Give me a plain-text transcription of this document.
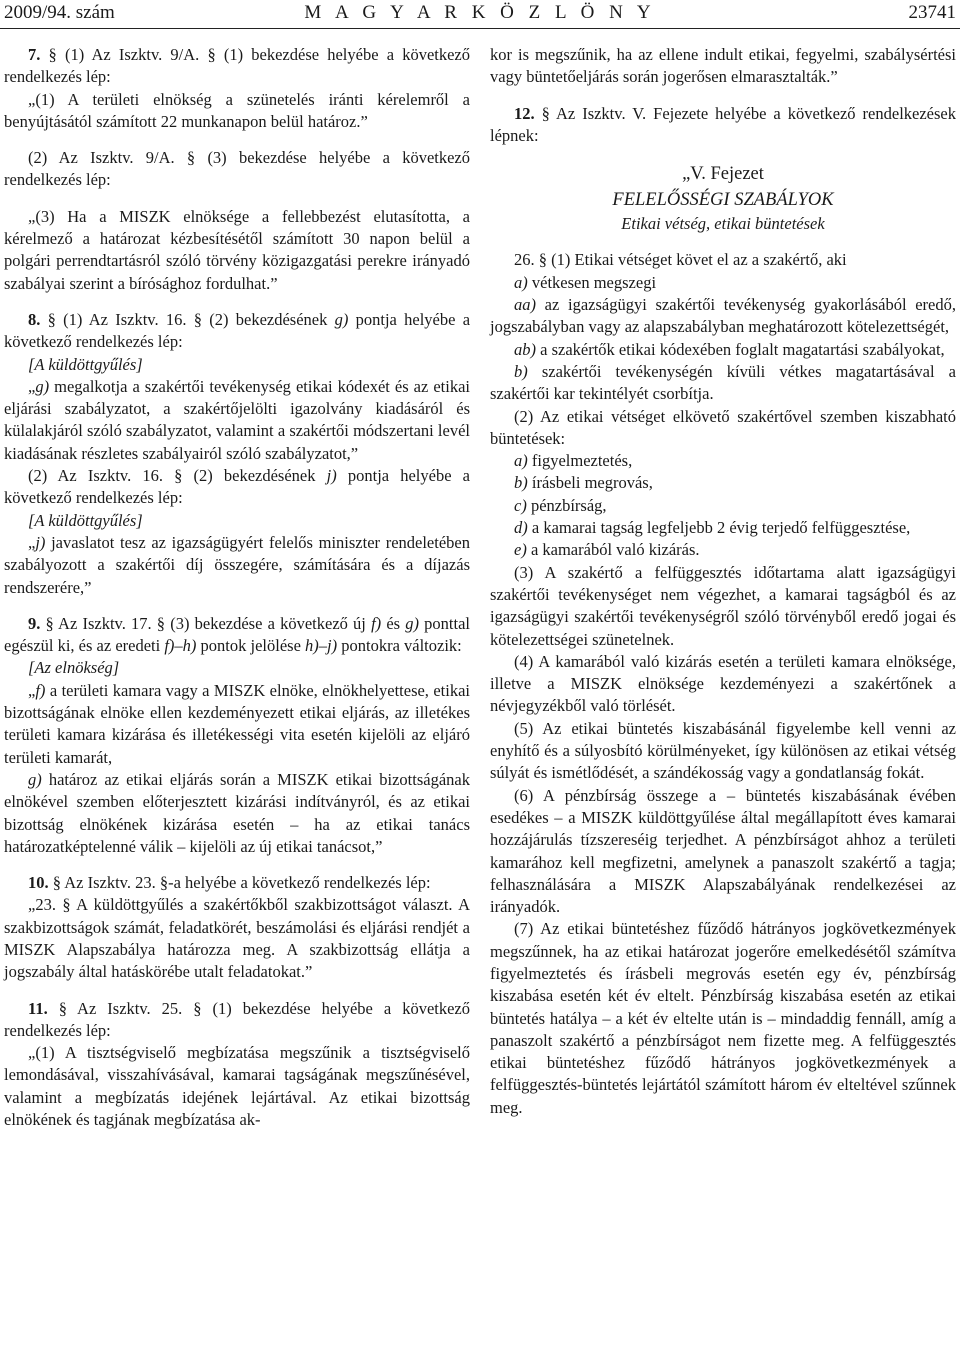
2009/94. szám	M A G Y A R K Ö Z L Ö N Y	23741

7. § (1) Az Iszktv. 9/A. § (1) bekezdése helyébe a következő rendelkezés lép:

„(1) A területi elnökség a szünetelés iránti kérelemről a benyújtásától számított 22 munkanapon belül határoz.”

(2) Az Iszktv. 9/A. § (3) bekezdése helyébe a következő rendelkezés lép:

„(3) Ha a MISZK elnöksége a fellebbezést elutasította, a kérelmező a határozat kézbesítésétől számított 30 napon belül a polgári perrendtartásról szóló törvény közigazgatási perekre irányadó szabályai szerint a bírósághoz fordulhat.”

8. § (1) Az Iszktv. 16. § (2) bekezdésének g) pontja helyébe a következő rendelkezés lép:

[A küldöttgyűlés]

„g) megalkotja a szakértői tevékenység etikai kódexét és az etikai eljárási szabályzatot, a szakértőjelölti igazolvány kiadásáról és külalakjáról szóló szabályzatot, valamint a szakértői módszertani levél kiadásának részletes szabályairól szóló szabályzatot,”

(2) Az Iszktv. 16. § (2) bekezdésének j) pontja helyébe a következő rendelkezés lép:

[A küldöttgyűlés]

„j) javaslatot tesz az igazságügyért felelős miniszter rendeletében szabályozott a szakértői díj összegére, számítására és a díjazás rendszerére,”

9. § Az Iszktv. 17. § (3) bekezdése a következő új f) és g) ponttal egészül ki, és az eredeti f)–h) pontok jelölése h)–j) pontokra változik:

[Az elnökség]

„f) a területi kamara vagy a MISZK elnöke, elnökhelyettese, etikai bizottságának elnöke ellen kezdeményezett etikai eljárás, az illetékes területi kamara kizárása és illetékességi vita esetén kijelöli az eljáró területi kamarát,

g) határoz az etikai eljárás során a MISZK etikai bizottságának elnökével szemben előterjesztett kizárási indítványról, és az etikai bizottság elnökének kizárása esetén – ha az etikai tanács határozatképtelenné válik – kijelöli az új etikai tanácsot,”

10. § Az Iszktv. 23. §-a helyébe a következő rendelkezés lép:

„23. § A küldöttgyűlés a szakértőkből szakbizottságot választ. A szakbizottságok számát, feladatkörét, beszámolási és eljárási rendjét a MISZK Alapszabálya határozza meg. A szakbizottság ellátja a jogszabály által hatáskörébe utalt feladatokat.”

11. § Az Iszktv. 25. § (1) bekezdése helyébe a következő rendelkezés lép:

„(1) A tisztségviselő megbízatása megszűnik a tisztségviselő lemondásával, visszahívásával, kamarai tagságának megszűnésével, valamint a megbízatás idejének lejártával. Az etikai bizottság elnökének és tagjának megbízatása ak-

kor is megszűnik, ha az ellene indult etikai, fegyelmi, szabálysértési vagy büntetőeljárás során jogerősen elmarasztalták.”

12. § Az Iszktv. V. Fejezete helyébe a következő rendelkezések lépnek:

„V. Fejezet

FELELŐSSÉGI SZABÁLYOK

Etikai vétség, etikai büntetések

26. § (1) Etikai vétséget követ el az a szakértő, aki

a) vétkesen megszegi

aa) az igazságügyi szakértői tevékenység gyakorlásából eredő, jogszabályban vagy az alapszabályban meghatározott kötelezettségét,

ab) a szakértők etikai kódexében foglalt magatartási szabályokat,

b) szakértői tevékenységén kívüli vétkes magatartásával a szakértői kar tekintélyét csorbítja.

(2) Az etikai vétséget elkövető szakértővel szemben kiszabható büntetések:

a) figyelmeztetés,

b) írásbeli megrovás,

c) pénzbírság,

d) a kamarai tagság legfeljebb 2 évig terjedő felfüggesztése,

e) a kamarából való kizárás.

(3) A szakértő a felfüggesztés időtartama alatt igazságügyi szakértői tevékenységet nem végezhet, a kamarai tagságból és az igazságügyi szakértői tevékenységről szóló törvényből eredő jogai és kötelezettségei szünetelnek.

(4) A kamarából való kizárás esetén a területi kamara elnöksége, illetve a MISZK elnöksége kezdeményezi a szakértőnek a névjegyzékből való törlését.

(5) Az etikai büntetés kiszabásánál figyelembe kell venni az enyhítő és a súlyosbító körülményeket, így különösen az etikai vétség súlyát és ismétlődését, a szándékosság vagy a gondatlanság fokát.

(6) A pénzbírság összege a – büntetés kiszabásának évében esedékes – a MISZK küldöttgyűlése által megállapított éves kamarai hozzájárulás tízszereséig terjedhet. A pénzbírságot ahhoz a területi kamarához kell megfizetni, amelynek a panaszolt szakértő a tagja; felhasználására a MISZK Alapszabályának rendelkezései az irányadók.

(7) Az etikai büntetéshez fűződő hátrányos jogkövetkezmények megszűnnek, ha az etikai határozat jogerőre emelkedésétől számítva figyelmeztetés és írásbeli megrovás esetén egy év, pénzbírság kiszabása esetén két év eltelt. Pénzbírság kiszabása esetén az etikai büntetés hatálya – a két év eltelte után is – mindaddig fennáll, amíg a panaszolt szakértő a pénzbírságot nem fizette meg. A felfüggesztés etikai büntetéshez fűződő hátrányos jogkövetkezmények a felfüggesztés-büntetés lejártától számított három év elteltével szűnnek meg.
